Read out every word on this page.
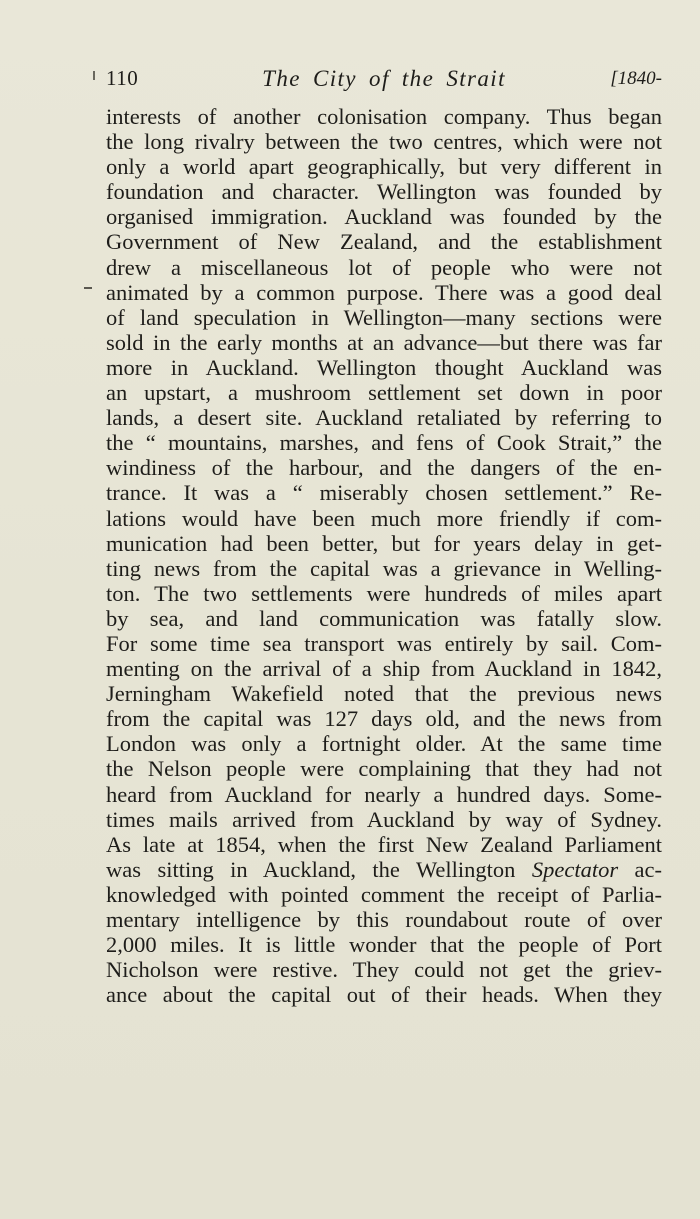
110	The City of the Strait	[1840-
interests of another colonisation company. Thus began
the long rivalry between the two centres, which were not
only a world apart geographically, but very different in
foundation and character. Wellington was founded by
organised immigration. Auckland was founded by the
Government of New Zealand, and the establishment
drew a miscellaneous lot of people who were not
animated by a common purpose. There was a good deal
of land speculation in Wellington—many sections were
sold in the early months at an advance—but there was far
more in Auckland. Wellington thought Auckland was
an upstart, a mushroom settlement set down in poor
lands, a desert site. Auckland retaliated by referring to
the “ mountains, marshes, and fens of Cook Strait,” the
windiness of the harbour, and the dangers of the en-
trance. It was a “ miserably chosen settlement.” Re-
lations would have been much more friendly if com-
munication had been better, but for years delay in get-
ting news from the capital was a grievance in Welling-
ton. The two settlements were hundreds of miles apart
by sea, and land communication was fatally slow.
For some time sea transport was entirely by sail. Com-
menting on the arrival of a ship from Auckland in 1842,
Jerningham Wakefield noted that the previous news
from the capital was 127 days old, and the news from
London was only a fortnight older. At the same time
the Nelson people were complaining that they had not
heard from Auckland for nearly a hundred days. Some-
times mails arrived from Auckland by way of Sydney.
As late at 1854, when the first New Zealand Parliament
was sitting in Auckland, the Wellington Spectator ac-
knowledged with pointed comment the receipt of Parlia-
mentary intelligence by this roundabout route of over
2,000 miles. It is little wonder that the people of Port
Nicholson were restive. They could not get the griev-
ance about the capital out of their heads. When they
